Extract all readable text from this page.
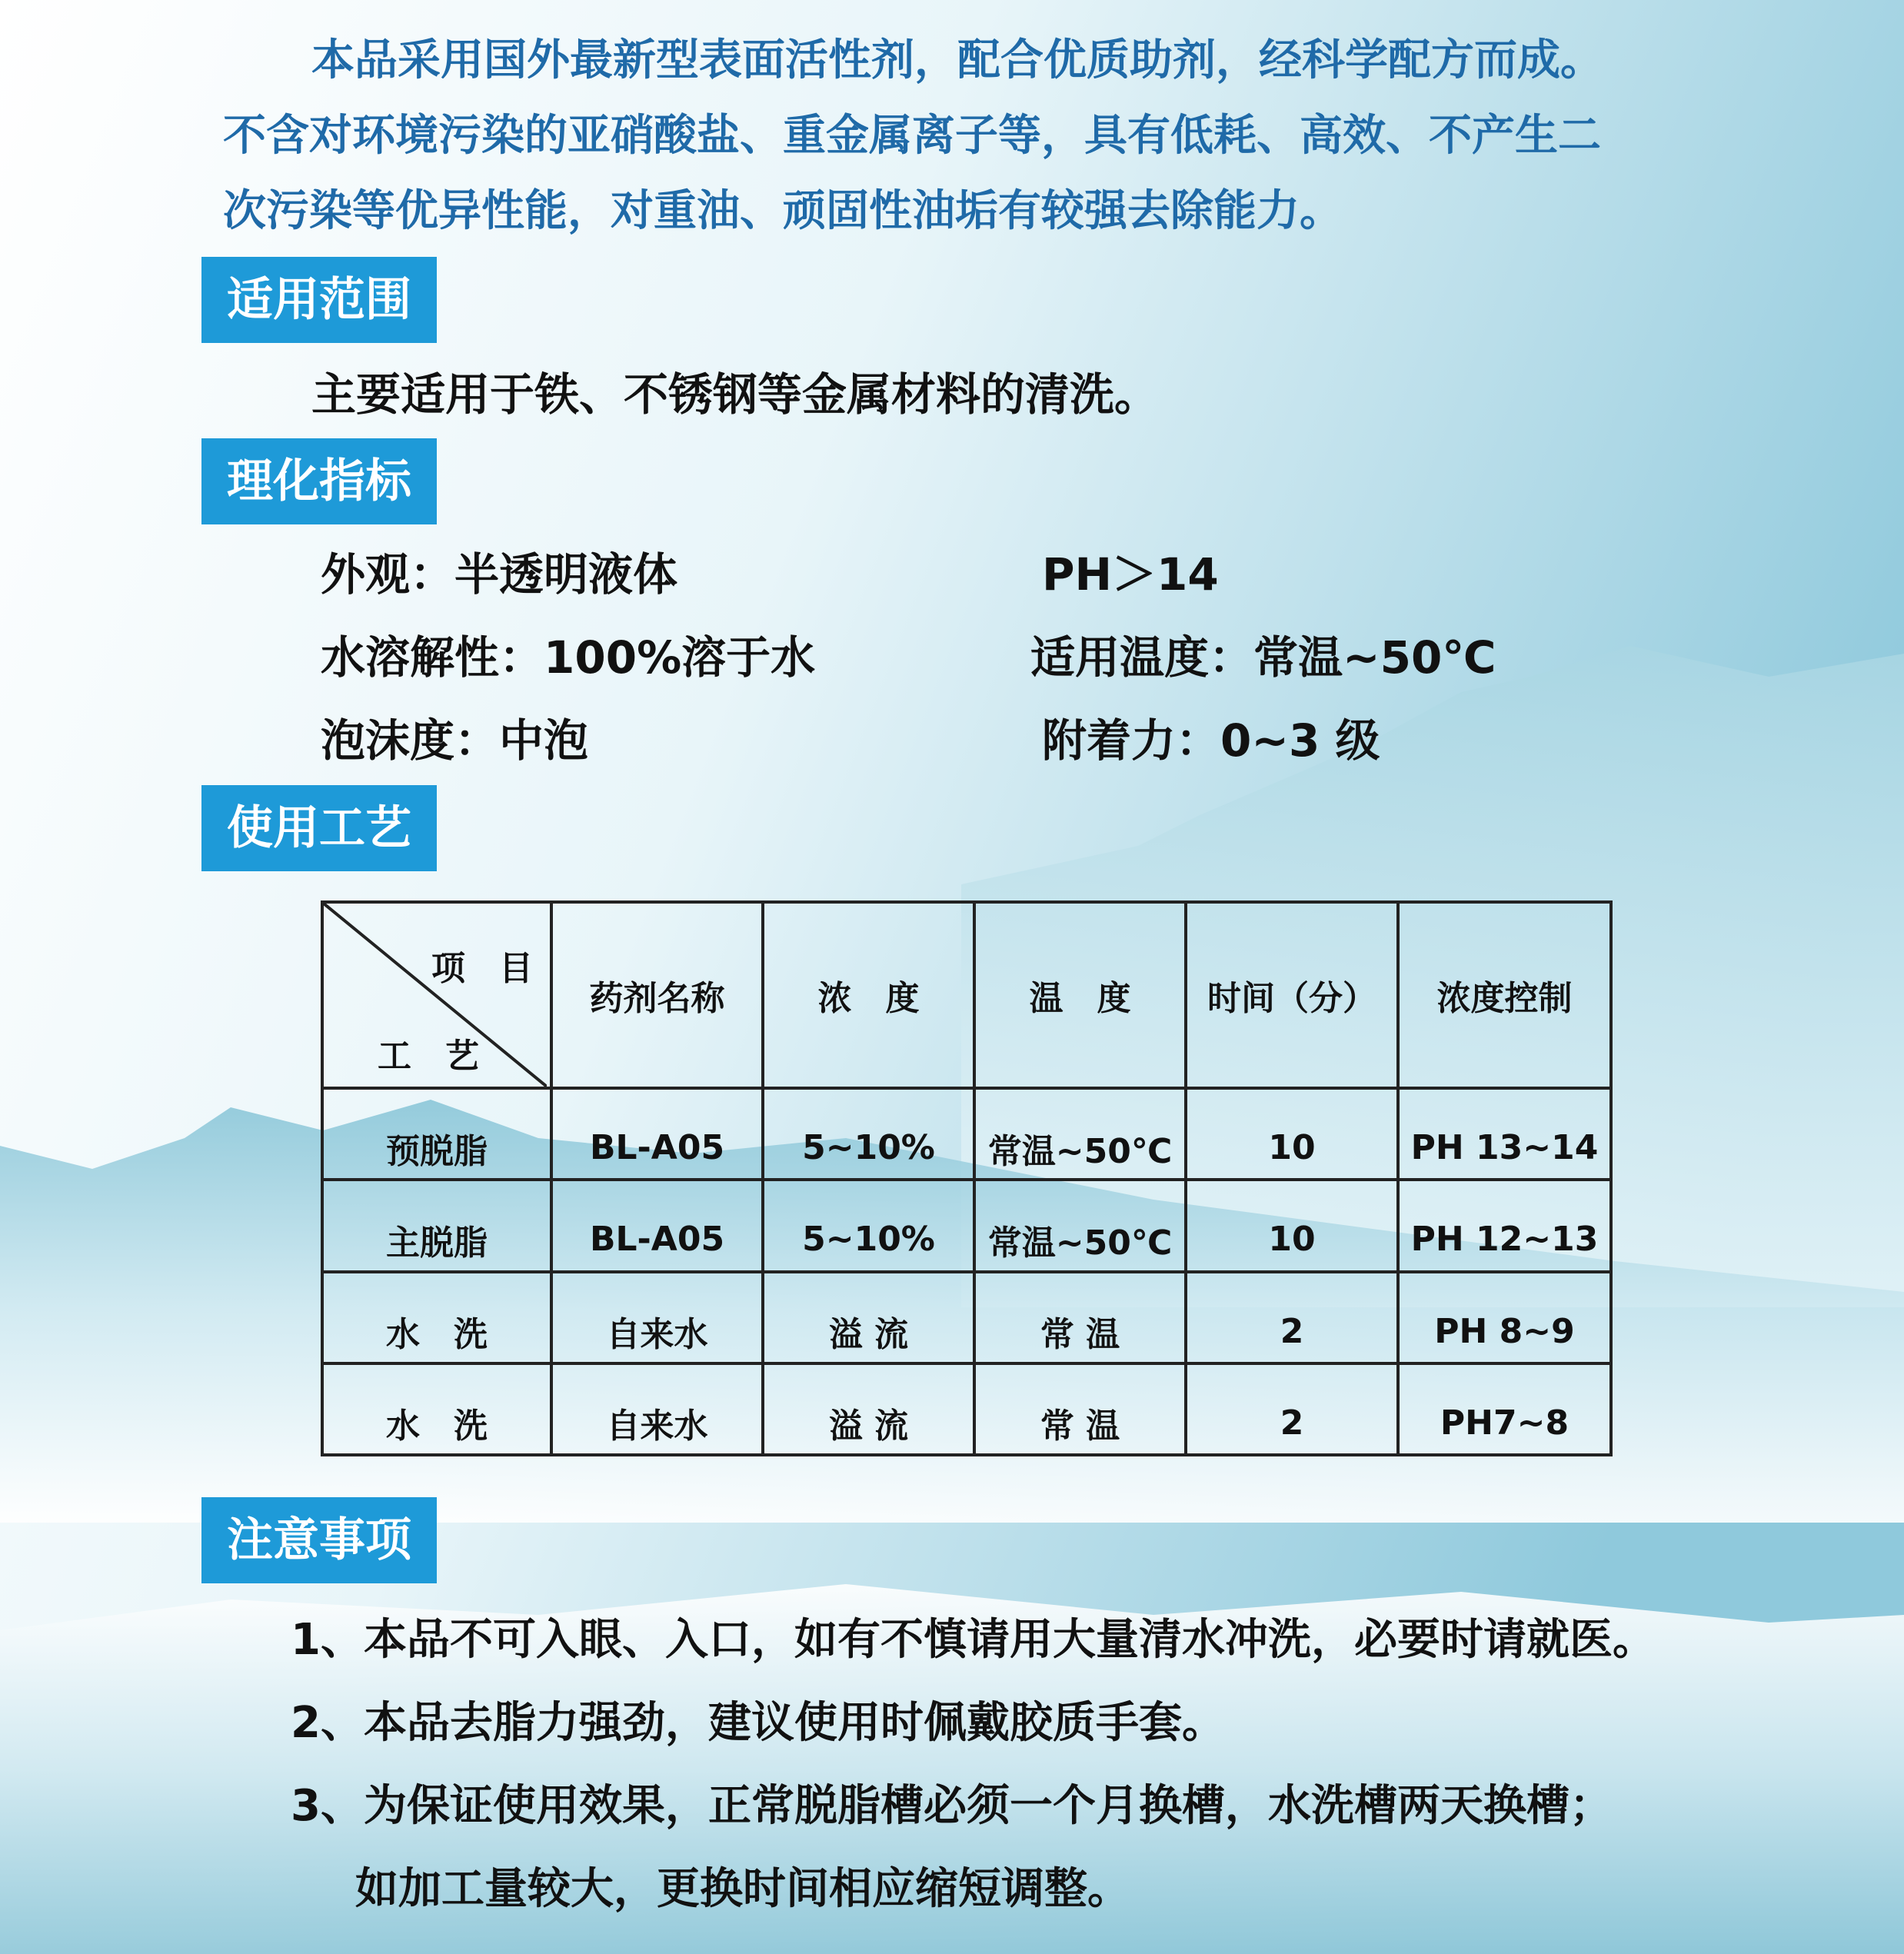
本品采用国外最新型表面活性剂，配合优质助剂，经科学配方而成。

不含对环境污染的亚硝酸盐、重金属离子等，具有低耗、高效、不产生二

次污染等优异性能，对重油、顽固性油垢有较强去除能力。

适用范围
主要适用于铁、不锈钢等金属材料的清洗。
理化指标
外观：半透明液体	PH＞14
水溶解性：100%溶于水	适用温度：常温~50℃
泡沫度：中泡	附着力：0~3 级
使用工艺
项　目
工　艺	药剂名称	浓　度	温　度	时间（分）	浓度控制
预脱脂	BL-A05	5~10%	常温~50℃	10	PH 13~14
主脱脂	BL-A05	5~10%	常温~50℃	10	PH 12~13
水　洗	自来水	溢 流	常 温	2	PH 8~9
水　洗	自来水	溢 流	常 温	2	PH7~8
注意事项
1、本品不可入眼、入口，如有不慎请用大量清水冲洗，必要时请就医。
2、本品去脂力强劲，建议使用时佩戴胶质手套。
3、为保证使用效果，正常脱脂槽必须一个月换槽，水洗槽两天换槽；
如加工量较大，更换时间相应缩短调整。
